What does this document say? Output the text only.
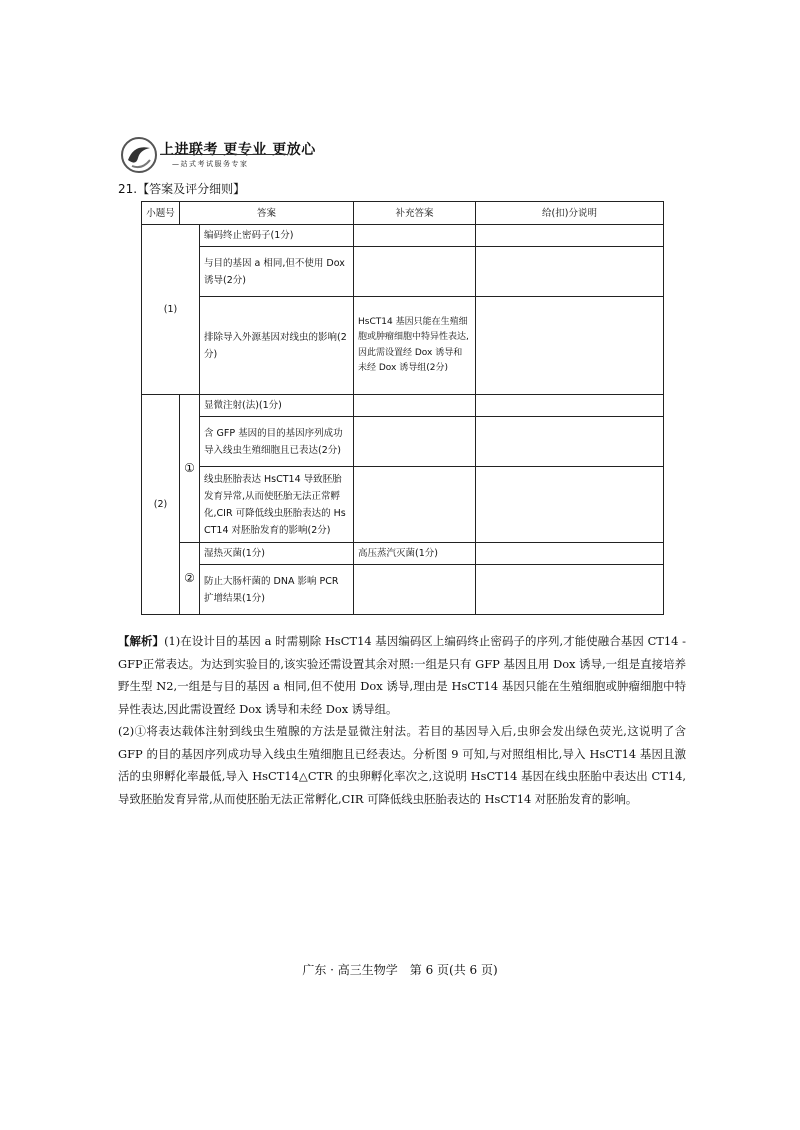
上进联考 更专业 更放心
—站式考试服务专家
21.【答案及评分细则】
小题号	答案		补充答案	给(扣)分说明
(1)		编码终止密码子(1分)		
		与目的基因 a 相同,但不使用 Dox 诱导(2分)		
		排除导入外源基因对线虫的影响(2分)	HsCT14 基因只能在生殖细胞或肿瘤细胞中特异性表达,因此需设置经 Dox 诱导和未经 Dox 诱导组(2分)	
(2)	①	显微注射(法)(1分)		
		含 GFP 基因的目的基因序列成功导入线虫生殖细胞且已表达(2分)		
		线虫胚胎表达 HsCT14 导致胚胎发育异常,从而使胚胎无法正常孵化,CIR 可降低线虫胚胎表达的 HsCT14 对胚胎发育的影响(2分)		
	②	湿热灭菌(1分)	高压蒸汽灭菌(1分)	
		防止大肠杆菌的 DNA 影响 PCR 扩增结果(1分)		

【解析】(1)在设计目的基因 a 时需剔除 HsCT14 基因编码区上编码终止密码子的序列,才能使融合基因 CT14 - GFP正常表达。为达到实验目的,该实验还需设置其余对照:一组是只有 GFP 基因且用 Dox 诱导,一组是直接培养野生型 N2,一组是与目的基因 a 相同,但不使用 Dox 诱导,理由是 HsCT14 基因只能在生殖细胞或肿瘤细胞中特异性表达,因此需设置经 Dox 诱导和未经 Dox 诱导组。

(2)①将表达载体注射到线虫生殖腺的方法是显微注射法。若目的基因导入后,虫卵会发出绿色荧光,这说明了含 GFP 的目的基因序列成功导入线虫生殖细胞且已经表达。分析图 9 可知,与对照组相比,导入 HsCT14 基因且激活的虫卵孵化率最低,导入 HsCT14△CTR 的虫卵孵化率次之,这说明 HsCT14 基因在线虫胚胎中表达出 CT14,导致胚胎发育异常,从而使胚胎无法正常孵化,CIR 可降低线虫胚胎表达的 HsCT14 对胚胎发育的影响。

广东 · 高三生物学　第 6 页(共 6 页)
